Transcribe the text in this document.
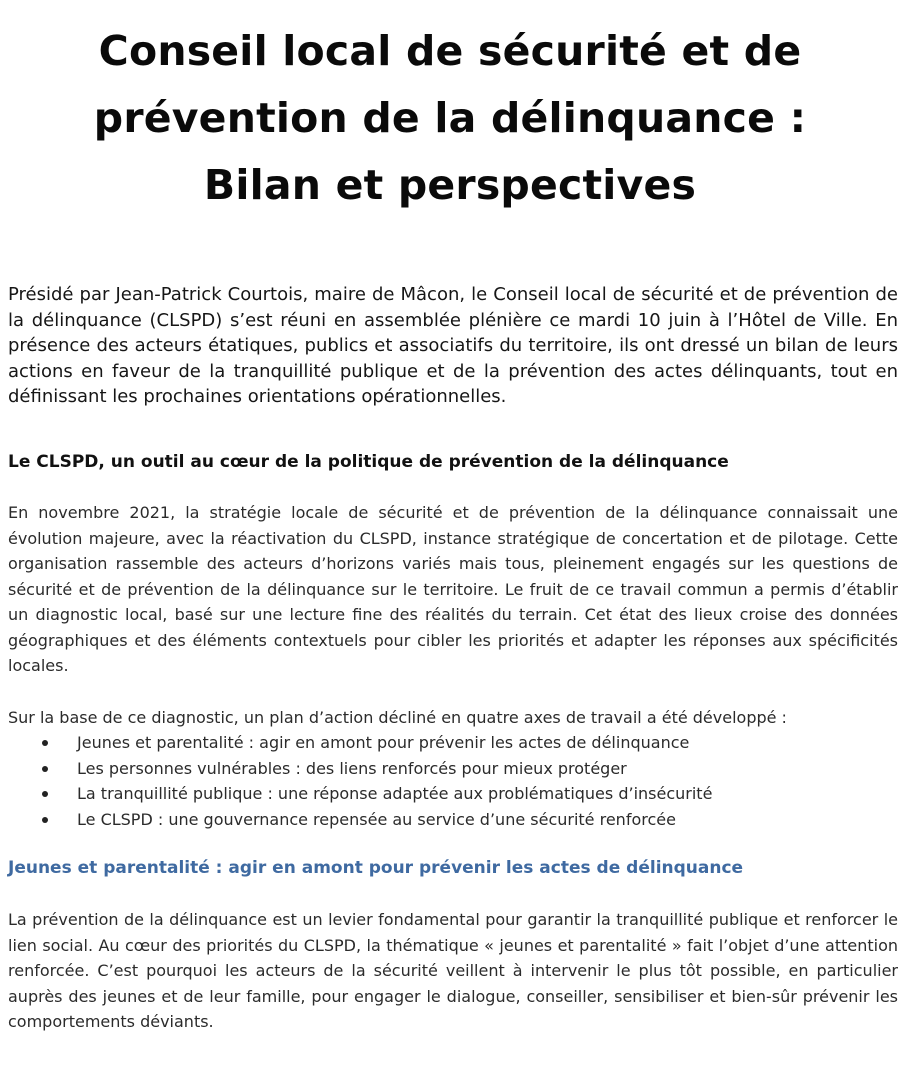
Conseil local de sécurité et de
prévention de la délinquance :
Bilan et perspectives

Présidé par Jean-Patrick Courtois, maire de Mâcon, le Conseil local de sécurité et de prévention de la délinquance (CLSPD) s’est réuni en assemblée plénière ce mardi 10 juin à l’Hôtel de Ville. En présence des acteurs étatiques, publics et associatifs du territoire, ils ont dressé un bilan de leurs actions en faveur de la tranquillité publique et de la prévention des actes délinquants, tout en définissant les prochaines orientations opérationnelles.

Le CLSPD, un outil au cœur de la politique de prévention de la délinquance

En novembre 2021, la stratégie locale de sécurité et de prévention de la délinquance connaissait une évolution majeure, avec la réactivation du CLSPD, instance stratégique de concertation et de pilotage. Cette organisation rassemble des acteurs d’horizons variés mais tous, pleinement engagés sur les questions de sécurité et de prévention de la délinquance sur le territoire. Le fruit de ce travail commun a permis d’établir un diagnostic local, basé sur une lecture fine des réalités du terrain. Cet état des lieux croise des données géographiques et des éléments contextuels pour cibler les priorités et adapter les réponses aux spécificités locales.

Sur la base de ce diagnostic, un plan d’action décliné en quatre axes de travail a été développé :

Jeunes et parentalité : agir en amont pour prévenir les actes de délinquance
Les personnes vulnérables : des liens renforcés pour mieux protéger
La tranquillité publique : une réponse adaptée aux problématiques d’insécurité
Le CLSPD : une gouvernance repensée au service d’une sécurité renforcée
Jeunes et parentalité : agir en amont pour prévenir les actes de délinquance

La prévention de la délinquance est un levier fondamental pour garantir la tranquillité publique et renforcer le lien social. Au cœur des priorités du CLSPD, la thématique « jeunes et parentalité » fait l’objet d’une attention renforcée. C’est pourquoi les acteurs de la sécurité veillent à intervenir le plus tôt possible, en particulier auprès des jeunes et de leur famille, pour engager le dialogue, conseiller, sensibiliser et bien-sûr prévenir les comportements déviants.
